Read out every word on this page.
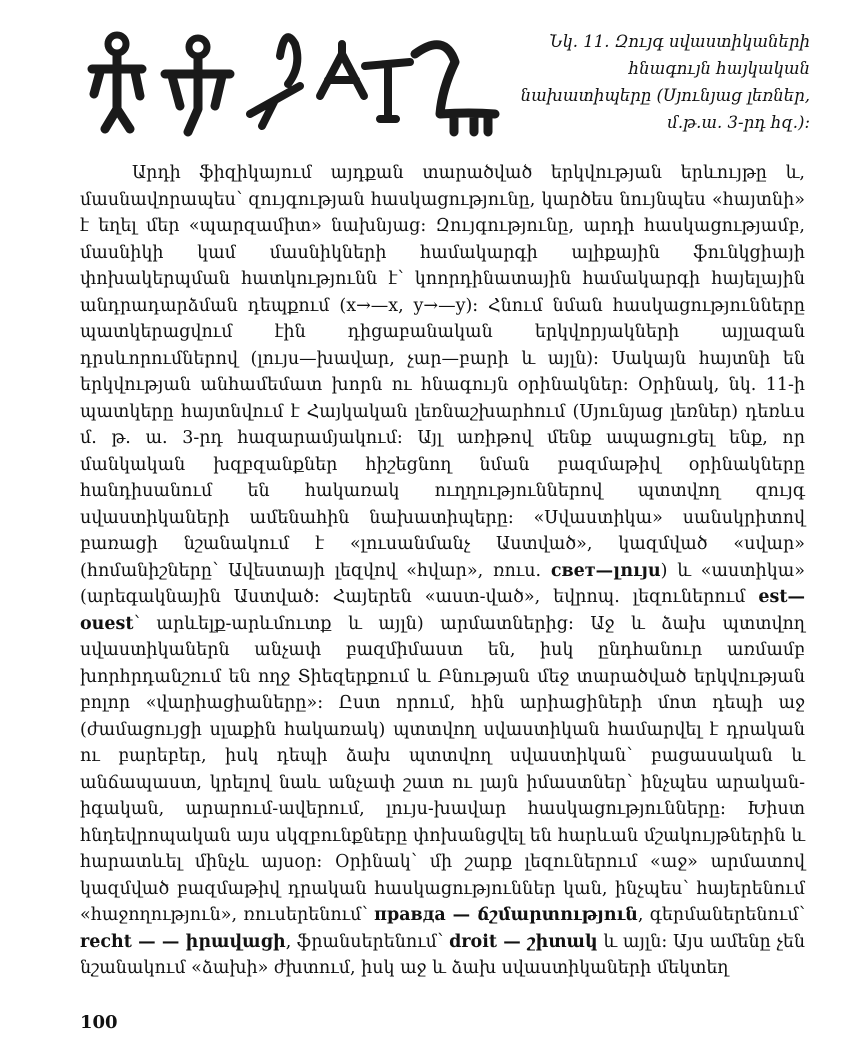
Նկ. 11. Զույգ սվաստիկաների հնագույն հայկական նախատիպերը (Սյունյաց լեռներ, մ.թ.ա. 3-րդ հզ.):

Արդի ֆիզիկայում այդքան տարածված երկվության երևույթը և, մասնավորապես՝ զույգության հասկացությունը, կարծես նույնպես «հայտնի» է եղել մեր «պարզամիտ» նախնյաց: Զույգությունը, արդի հասկացությամբ, մասնիկի կամ մասնիկների համակարգի ալիքային ֆունկցիայի փոխակերպման հատկությունն է՝ կոորդինատային համակարգի հայելային անդրադարձման դեպքում (x→—x, y→—y): Հնում նման հասկացությունները պատկերացվում էին դիցաբանական երկվորյակների այլազան դրսևորումներով (լույս—խավար, չար—բարի և այլն): Սակայն հայտնի են երկվության անհամեմատ խորն ու հնագույն օրինակներ: Օրինակ, նկ. 11-ի պատկերը հայտնվում է Հայկական լեռնաշխարհում (Սյունյաց լեռներ) դեռևս մ. թ. ա. 3-րդ հազարամյակում: Այլ առիթով մենք ապացուցել ենք, որ մանկական խզբզանքներ հիշեցնող նման բազմաթիվ օրինակները հանդիսանում են հակառակ ուղղություններով պտտվող զույգ սվաստիկաների ամենահին նախատիպերը: «Սվաստիկա» սանսկրիտով բառացի նշանակում է «լուսանմանչ Աստված», կազմված «սվար» (հոմանիշները՝ Ավեստայի լեզվով «հվար», ռուս. свет—լույս) և «աստիկա» (արեգակնային Աստված: Հայերեն «աստ-ված», եվրոպ. լեզուներում est—ouest՝ արևելք-արևմուտք և այլն) արմատներից: Աջ և ձախ պտտվող սվաստիկաներն անչափ բազմիմաստ են, իսկ ընդհանուր առմամբ խորհրդանշում են ողջ Տիեզերքում և Բնության մեջ տարածված երկվության բոլոր «վարիացիաները»: Ըստ որում, հին արիացիների մոտ դեպի աջ (ժամացույցի սլաքին հակառակ) պտտվող սվաստիկան համարվել է դրական ու բարեբեր, իսկ դեպի ձախ պտտվող սվաստիկան՝ բացասական և անճապաստ, կրելով նաև անչափ շատ ու լայն իմաստներ՝ ինչպես արական-իգական, արարում-ավերում, լույս-խավար հասկացությունները: Խիստ հնդեվրոպական այս սկզբունքները փոխանցվել են հարևան մշակույթներին և հարատևել մինչև այսօր: Օրինակ՝ մի շարք լեզուներում «աջ» արմատով կազմված բազմաթիվ դրական հասկացություններ կան, ինչպես՝ հայերենում «հաջողություն», ռուսերենում՝ правда — ճշմարտություն, գերմաներենում՝ recht — — իրավացի, ֆրանսերենում՝ droit — շիտակ և այլն: Այս ամենը չեն նշանակում «ձախի» ժխտում, իսկ աջ և ձախ սվաստիկաների մեկտեղ

100
